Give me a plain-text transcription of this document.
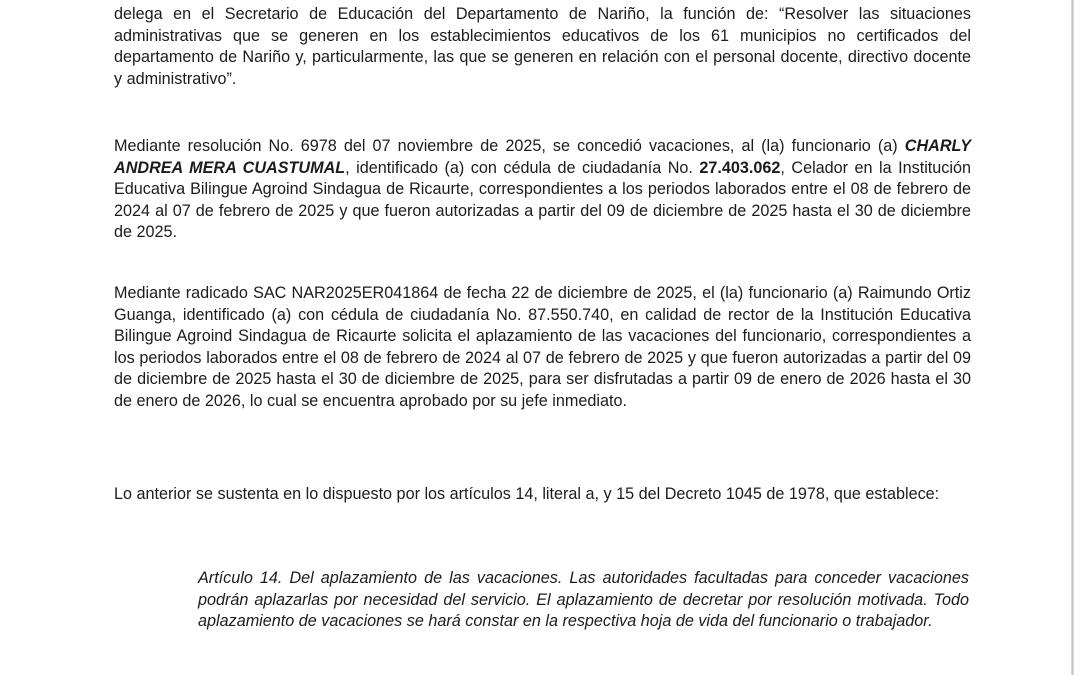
delega en el Secretario de Educación del Departamento de Nariño, la función de: “Resolver las situaciones administrativas que se generen en los establecimientos educativos de los 61 municipios no certificados del departamento de Nariño y, particularmente, las que se generen en relación con el personal docente, directivo docente y administrativo”.

Mediante resolución No. 6978 del 07 noviembre de 2025, se concedió vacaciones, al (la) funcionario (a) CHARLY ANDREA MERA CUASTUMAL, identificado (a) con cédula de ciudadanía No. 27.403.062, Celador en la Institución Educativa Bilingue Agroind Sindagua de Ricaurte, correspondientes a los periodos laborados entre el 08 de febrero de 2024 al 07 de febrero de 2025 y que fueron autorizadas a partir del 09 de diciembre de 2025 hasta el 30 de diciembre de 2025.

Mediante radicado SAC NAR2025ER041864 de fecha 22 de diciembre de 2025, el (la) funcionario (a) Raimundo Ortiz Guanga, identificado (a) con cédula de ciudadanía No. 87.550.740, en calidad de rector de la Institución Educativa Bilingue Agroind Sindagua de Ricaurte solicita el aplazamiento de las vacaciones del funcionario, correspondientes a los periodos laborados entre el 08 de febrero de 2024 al 07 de febrero de 2025 y que fueron autorizadas a partir del 09 de diciembre de 2025 hasta el 30 de diciembre de 2025, para ser disfrutadas a partir 09 de enero de 2026 hasta el 30 de enero de 2026, lo cual se encuentra aprobado por su jefe inmediato.

Lo anterior se sustenta en lo dispuesto por los artículos 14, literal a, y 15 del Decreto 1045 de 1978, que establece:

Artículo 14. Del aplazamiento de las vacaciones. Las autoridades facultadas para conceder vacaciones podrán aplazarlas por necesidad del servicio. El aplazamiento de decretar por resolución motivada. Todo aplazamiento de vacaciones se hará constar en la respectiva hoja de vida del funcionario o trabajador.
